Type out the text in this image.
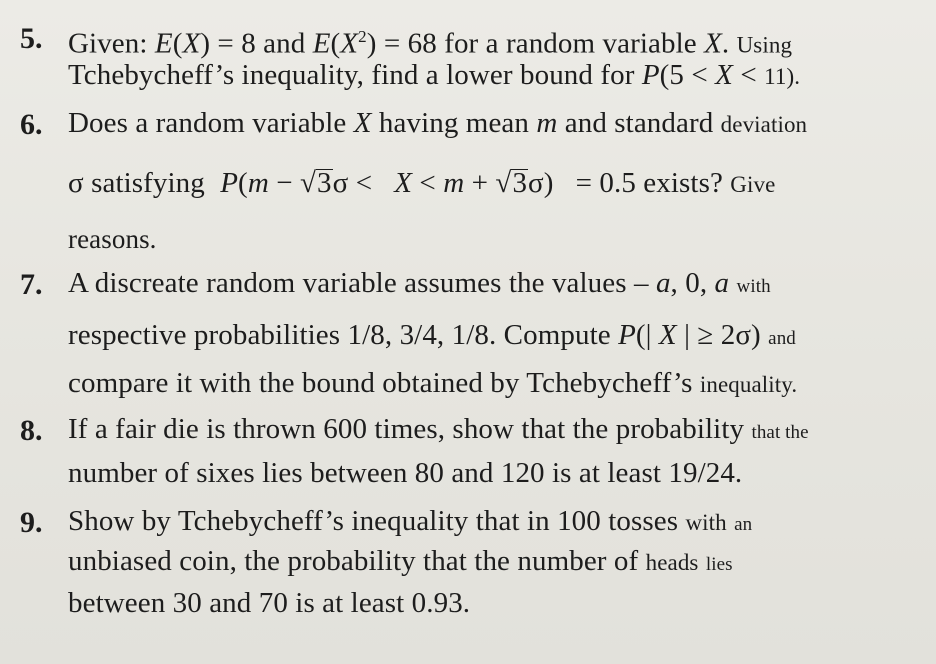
5. Given: E(X) = 8 and $E(X^2) = 68$ for a random variable X. Using
Tchebycheff’s inequality, find a lower bound for P(5 < X < 11).
6. Does a random variable X having mean m and standard deviation
σ satisfying P(m − √3σ <   X < m + √3σ)   = 0.5 exists? Give
reasons.
7. A discreate random variable assumes the values – a, 0, a with
respective probabilities 1/8, 3/4, 1/8. Compute P(| X | ≥ 2σ) and
compare it with the bound obtained by Tchebycheff’s inequality.
8. If a fair die is thrown 600 times, show that the probability that the
number of sixes lies between 80 and 120 is at least 19/24.
9. Show by Tchebycheff’s inequality that in 100 tosses with an
unbiased coin, the probability that the number of heads lies
between 30 and 70 is at least 0.93.
